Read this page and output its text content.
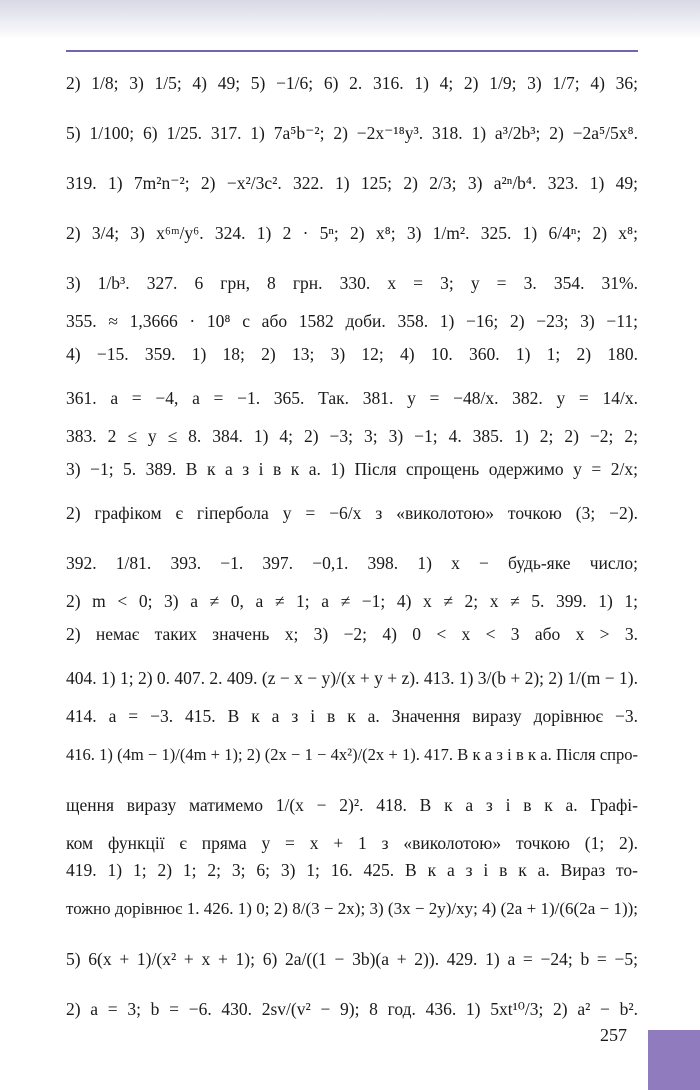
2) 1/8; 3) 1/5; 4) 49; 5) −1/6; 6) 2. 316. 1) 4; 2) 1/9; 3) 1/7; 4) 36;
5) 1/100; 6) 1/25. 317. 1) 7a⁵b⁻²; 2) −2x⁻¹⁸y³. 318. 1) a³/2b³; 2) −2a⁵/5x⁸.
319. 1) 7m²n⁻²; 2) −x²/3c². 322. 1) 125; 2) 2/3; 3) a²ⁿ/b⁴. 323. 1) 49;
2) 3/4; 3) x⁶ᵐ/y⁶. 324. 1) 2 · 5ⁿ; 2) x⁸; 3) 1/m². 325. 1) 6/4ⁿ; 2) x⁸;
3) 1/b³. 327. 6 грн, 8 грн. 330. x = 3; y = 3. 354. 31%.
355. ≈ 1,3666 · 10⁸ с або 1582 доби. 358. 1) −16; 2) −23; 3) −11;
4) −15. 359. 1) 18; 2) 13; 3) 12; 4) 10. 360. 1) 1; 2) 180.
361. a = −4, a = −1. 365. Так. 381. y = −48/x. 382. y = 14/x.
383. 2 ≤ y ≤ 8. 384. 1) 4; 2) −3; 3; 3) −1; 4. 385. 1) 2; 2) −2; 2;
3) −1; 5. 389. В к а з і в к а. 1) Після спрощень одержимо y = 2/x;
2) графіком є гіпербола y = −6/x з «виколотою» точкою (3; −2).
392. 1/81. 393. −1. 397. −0,1. 398. 1) x − будь-яке число;
2) m < 0; 3) a ≠ 0, a ≠ 1; a ≠ −1; 4) x ≠ 2; x ≠ 5. 399. 1) 1;
2) немає таких значень x; 3) −2; 4) 0 < x < 3 або x > 3.
404. 1) 1; 2) 0. 407. 2. 409. (z − x − y)/(x + y + z). 413. 1) 3/(b + 2); 2) 1/(m − 1).
414. a = −3. 415. В к а з і в к а. Значення виразу дорівнює −3.
416. 1) (4m − 1)/(4m + 1); 2) (2x − 1 − 4x²)/(2x + 1). 417. В к а з і в к а. Після спро-
щення виразу матимемо 1/(x − 2)². 418. В к а з і в к а. Графі-
ком функції є пряма y = x + 1 з «виколотою» точкою (1; 2).
419. 1) 1; 2) 1; 2; 3; 6; 3) 1; 16. 425. В к а з і в к а. Вираз то-
тожно дорівнює 1. 426. 1) 0; 2) 8/(3 − 2x); 3) (3x − 2y)/xy; 4) (2a + 1)/(6(2a − 1));
5) 6(x + 1)/(x² + x + 1); 6) 2a/((1 − 3b)(a + 2)). 429. 1) a = −24; b = −5;
2) a = 3; b = −6. 430. 2sv/(v² − 9); 8 год. 436. 1) 5xt¹⁰/3; 2) a² − b².
257
